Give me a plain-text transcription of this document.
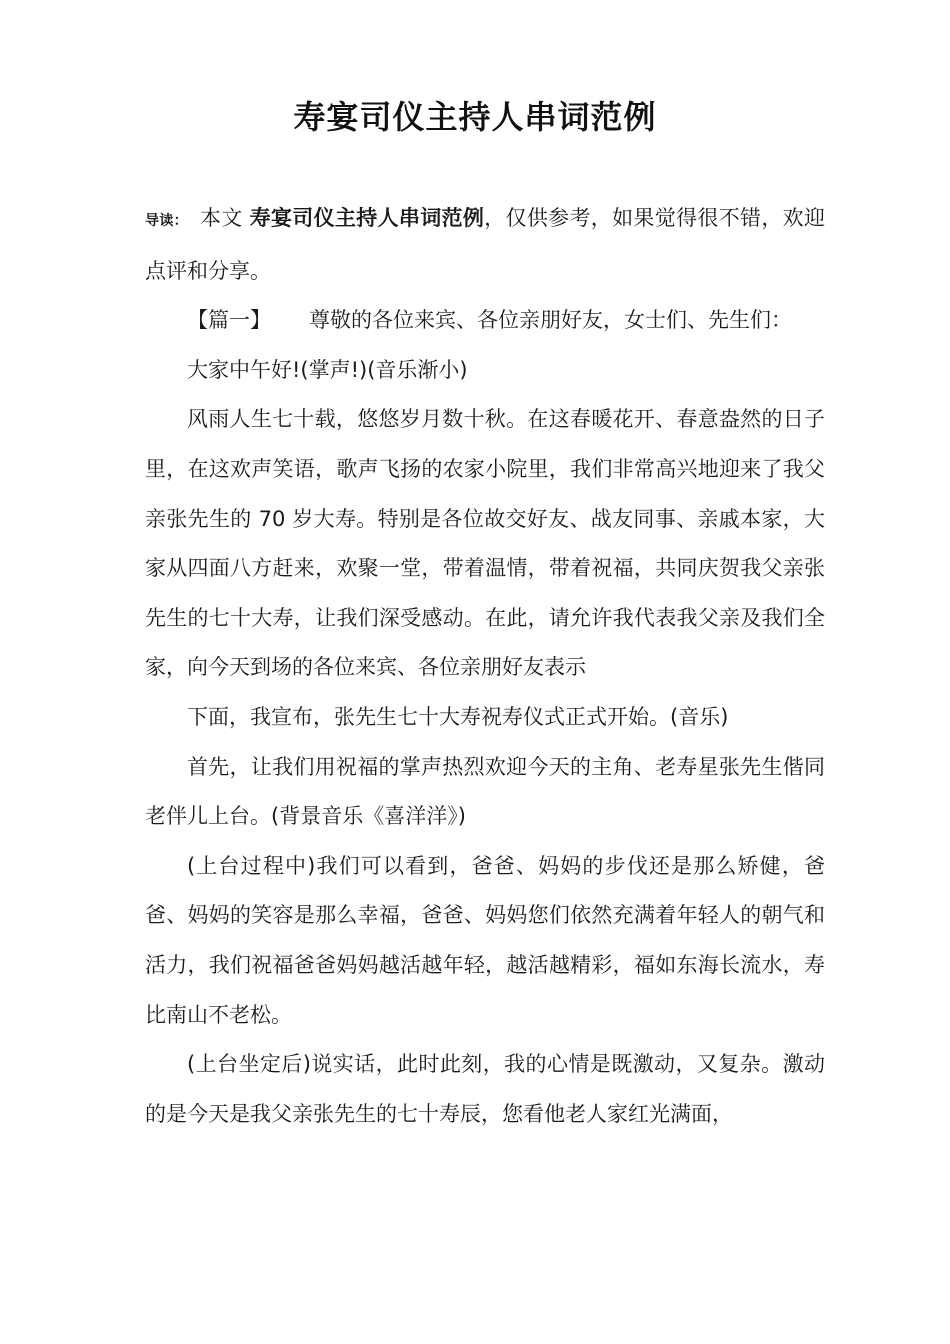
寿宴司仪主持人串词范例

导读： 本文 寿宴司仪主持人串词范例，仅供参考，如果觉得很不错，欢迎点评和分享。

【篇一】 尊敬的各位来宾、各位亲朋好友，女士们、先生们：

大家中午好!(掌声!)(音乐渐小)

风雨人生七十载，悠悠岁月数十秋。在这春暖花开、春意盎然的日子里，在这欢声笑语，歌声飞扬的农家小院里，我们非常高兴地迎来了我父亲张先生的 70 岁大寿。特别是各位故交好友、战友同事、亲戚本家，大家从四面八方赶来，欢聚一堂，带着温情，带着祝福，共同庆贺我父亲张先生的七十大寿，让我们深受感动。在此，请允许我代表我父亲及我们全家，向今天到场的各位来宾、各位亲朋好友表示

下面，我宣布，张先生七十大寿祝寿仪式正式开始。(音乐)

首先，让我们用祝福的掌声热烈欢迎今天的主角、老寿星张先生偕同老伴儿上台。(背景音乐《喜洋洋》)

(上台过程中)我们可以看到，爸爸、妈妈的步伐还是那么矫健，爸爸、妈妈的笑容是那么幸福，爸爸、妈妈您们依然充满着年轻人的朝气和活力，我们祝福爸爸妈妈越活越年轻，越活越精彩，福如东海长流水，寿比南山不老松。

(上台坐定后)说实话，此时此刻，我的心情是既激动，又复杂。激动的是今天是我父亲张先生的七十寿辰，您看他老人家红光满面，
